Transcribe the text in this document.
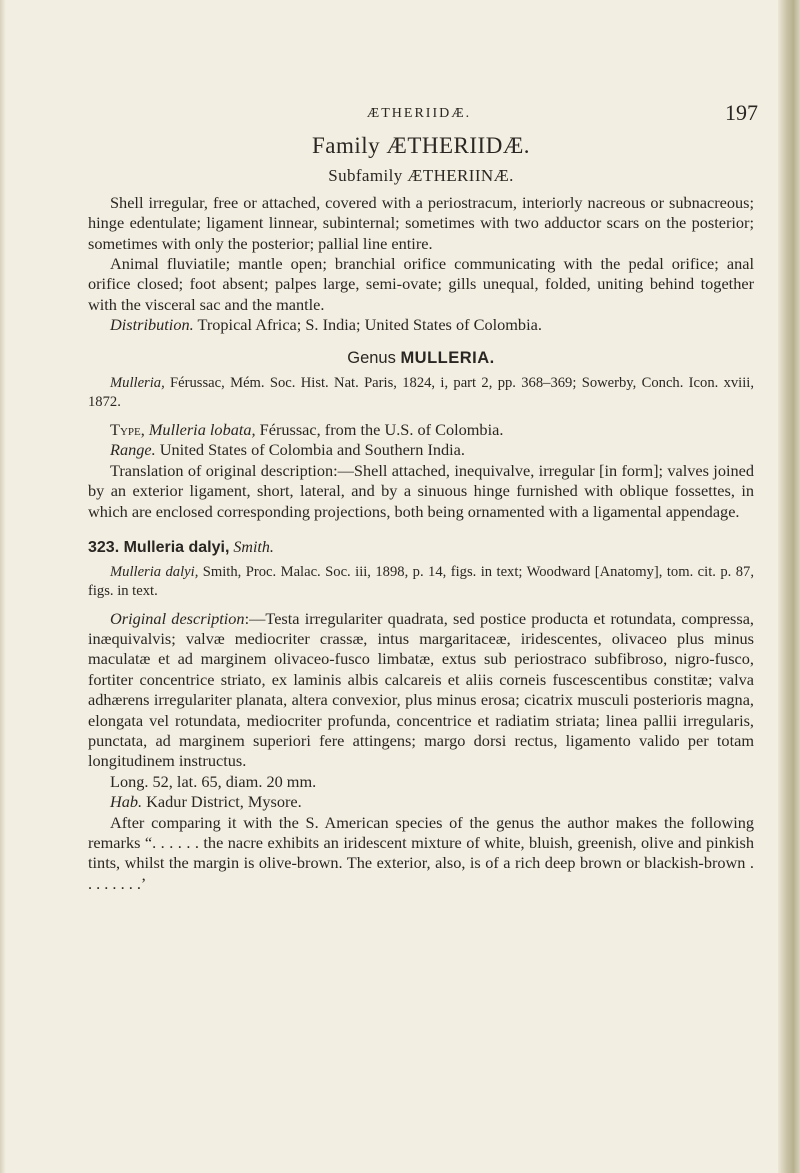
ÆTHERIIDÆ.	197
Family ÆTHERIIDÆ.
Subfamily ÆTHERIINÆ.

Shell irregular, free or attached, covered with a periostracum, interiorly nacreous or subnacreous; hinge edentulate; ligament linnear, subinternal; sometimes with two adductor scars on the posterior; sometimes with only the posterior; pallial line entire.

Animal fluviatile; mantle open; branchial orifice communicating with the pedal orifice; anal orifice closed; foot absent; palpes large, semi-ovate; gills unequal, folded, uniting behind together with the visceral sac and the mantle.

Distribution. Tropical Africa; S. India; United States of Colombia.

Genus MULLERIA.

Mulleria, Férussac, Mém. Soc. Hist. Nat. Paris, 1824, i, part 2, pp. 368–369; Sowerby, Conch. Icon. xviii, 1872.

Type, Mulleria lobata, Férussac, from the U.S. of Colombia.

Range. United States of Colombia and Southern India.

Translation of original description:—Shell attached, inequivalve, irregular [in form]; valves joined by an exterior ligament, short, lateral, and by a sinuous hinge furnished with oblique fossettes, in which are enclosed corresponding projections, both being ornamented with a ligamental appendage.

323. Mulleria dalyi, Smith.

Mulleria dalyi, Smith, Proc. Malac. Soc. iii, 1898, p. 14, figs. in text; Woodward [Anatomy], tom. cit. p. 87, figs. in text.

Original description:—Testa irregulariter quadrata, sed postice producta et rotundata, compressa, inæquivalvis; valvæ mediocriter crassæ, intus margaritaceæ, iridescentes, olivaceo plus minus maculatæ et ad marginem olivaceo-fusco limbatæ, extus sub periostraco subfibroso, nigro-fusco, fortiter concentrice striato, ex laminis albis calcareis et aliis corneis fuscescentibus constitæ; valva adhærens irregulariter planata, altera convexior, plus minus erosa; cicatrix musculi posterioris magna, elongata vel rotundata, mediocriter profunda, concentrice et radiatim striata; linea pallii irregularis, punctata, ad marginem superiori fere attingens; margo dorsi rectus, ligamento valido per totam longitudinem instructus.

Long. 52, lat. 65, diam. 20 mm.

Hab. Kadur District, Mysore.

After comparing it with the S. American species of the genus the author makes the following remarks “. . . . . . the nacre exhibits an iridescent mixture of white, bluish, greenish, olive and pinkish tints, whilst the margin is olive-brown. The exterior, also, is of a rich deep brown or blackish-brown . . . . . . . .’
